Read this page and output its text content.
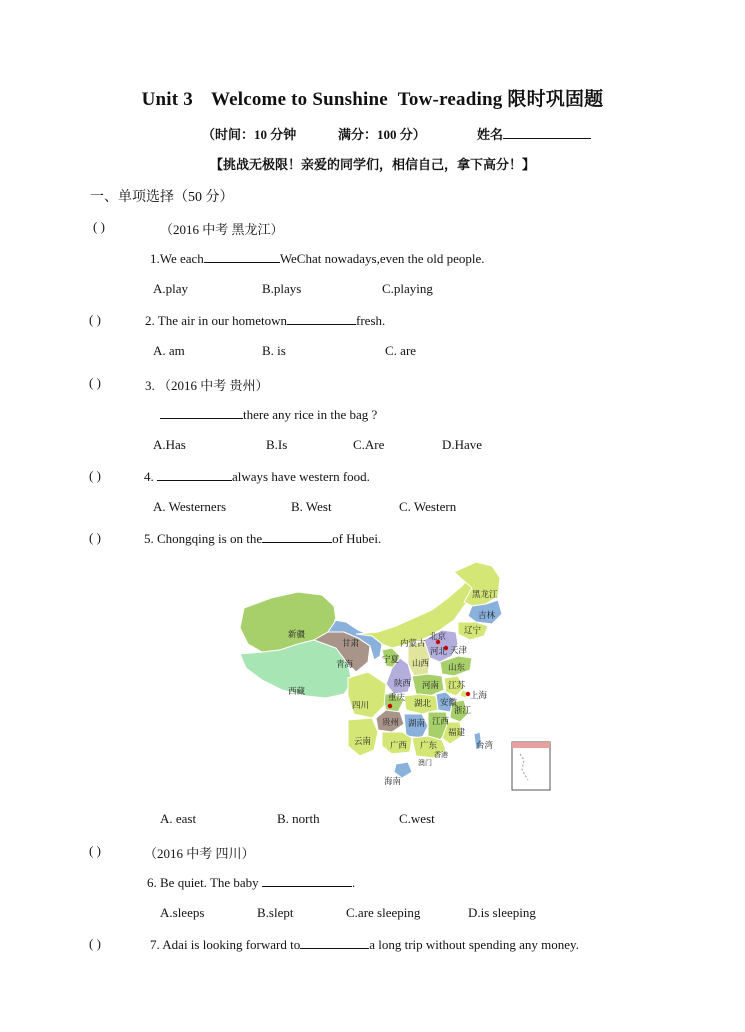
Unit 3 Welcome to Sunshine Tow-reading 限时巩固题
（时间：10 分钟	满分：100 分）	姓名
【挑战无极限！亲爱的同学们，相信自己，拿下高分！】
一、单项选择（50 分）
( )	（2016 中考 黑龙江）
1.We each	WeChat nowadays,even the old people.
A.play	B.plays	C.playing
( )	2. The air in our hometown	fresh.
A. am	B. is	C. are
( )	3. （2016 中考 贵州）
there any rice in the bag ?
A.Has	B.Is	C.Are	D.Have
( )	4.	always have western food.
A. Westerners	B. West	C. Western
( )	5. Chongqing is on the	of Hubei.
新疆
西藏
青海
甘肃	内蒙古
黑龙江
吉林
辽宁
北京
天津
河北
宁夏 山西 山东
陕西 河南 江苏
安徽
上海
四川
重庆
湖北
浙江
贵州 湖南 江西
福建
云南 广西 广东	台湾
香港
澳门
海南
A. east	B. north	C.west
( )	（2016 中考 四川）
6. Be quiet. The baby	.
A.sleeps	B.slept	C.are sleeping	D.is sleeping
( )	7. Adai is looking forward to	a long trip without spending any money.
